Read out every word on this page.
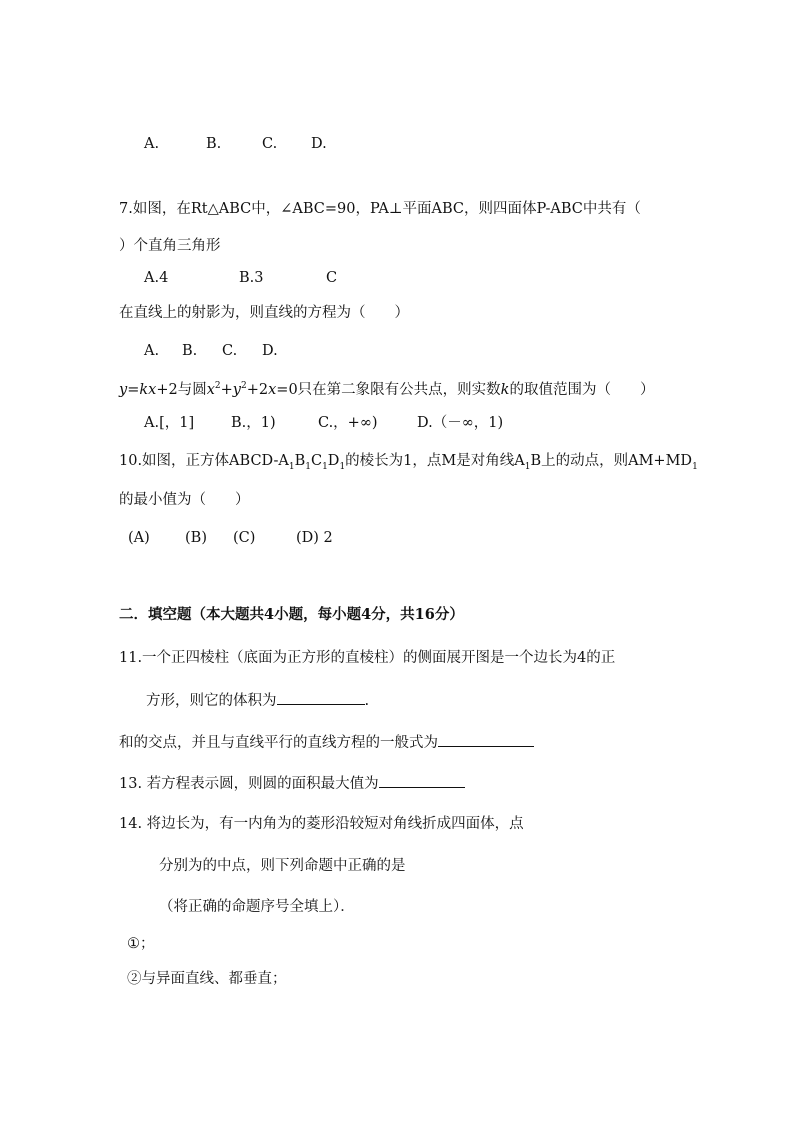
A.	B.	C. D.
7.如图，在Rt△ABC中，∠ABC=90，PA⊥平面ABC，则四面体P-ABC中共有（
）个直角三角形
A.4	B.3	C
在直线上的射影为，则直线的方程为（　　）
A. B. C. D.
y=kx+2与圆$x^2+y^2+2x=0$只在第二象限有公共点，则实数k的取值范围为（　　）
A.[，1]	B.，1)	C.，+∞)	D.（－∞，1)
10.如图，正方体ABCD-$A_1B_1C_1D_1$的棱长为1，点M是对角线$A_1B$上的动点，则$AM+MD_1$
的最小值为（　　）
(A) (B) (C)	(D) 2
二．填空题（本大题共4小题，每小题4分，共16分）
11.一个正四棱柱（底面为正方形的直棱柱）的侧面展开图是一个边长为4的正
方形，则它的体积为	.
和的交点，并且与直线平行的直线方程的一般式为
13. 若方程表示圆，则圆的面积最大值为
14. 将边长为，有一内角为的菱形沿较短对角线折成四面体，点
分别为的中点，则下列命题中正确的是
（将正确的命题序号全填上）．
①；
②与异面直线、都垂直；
